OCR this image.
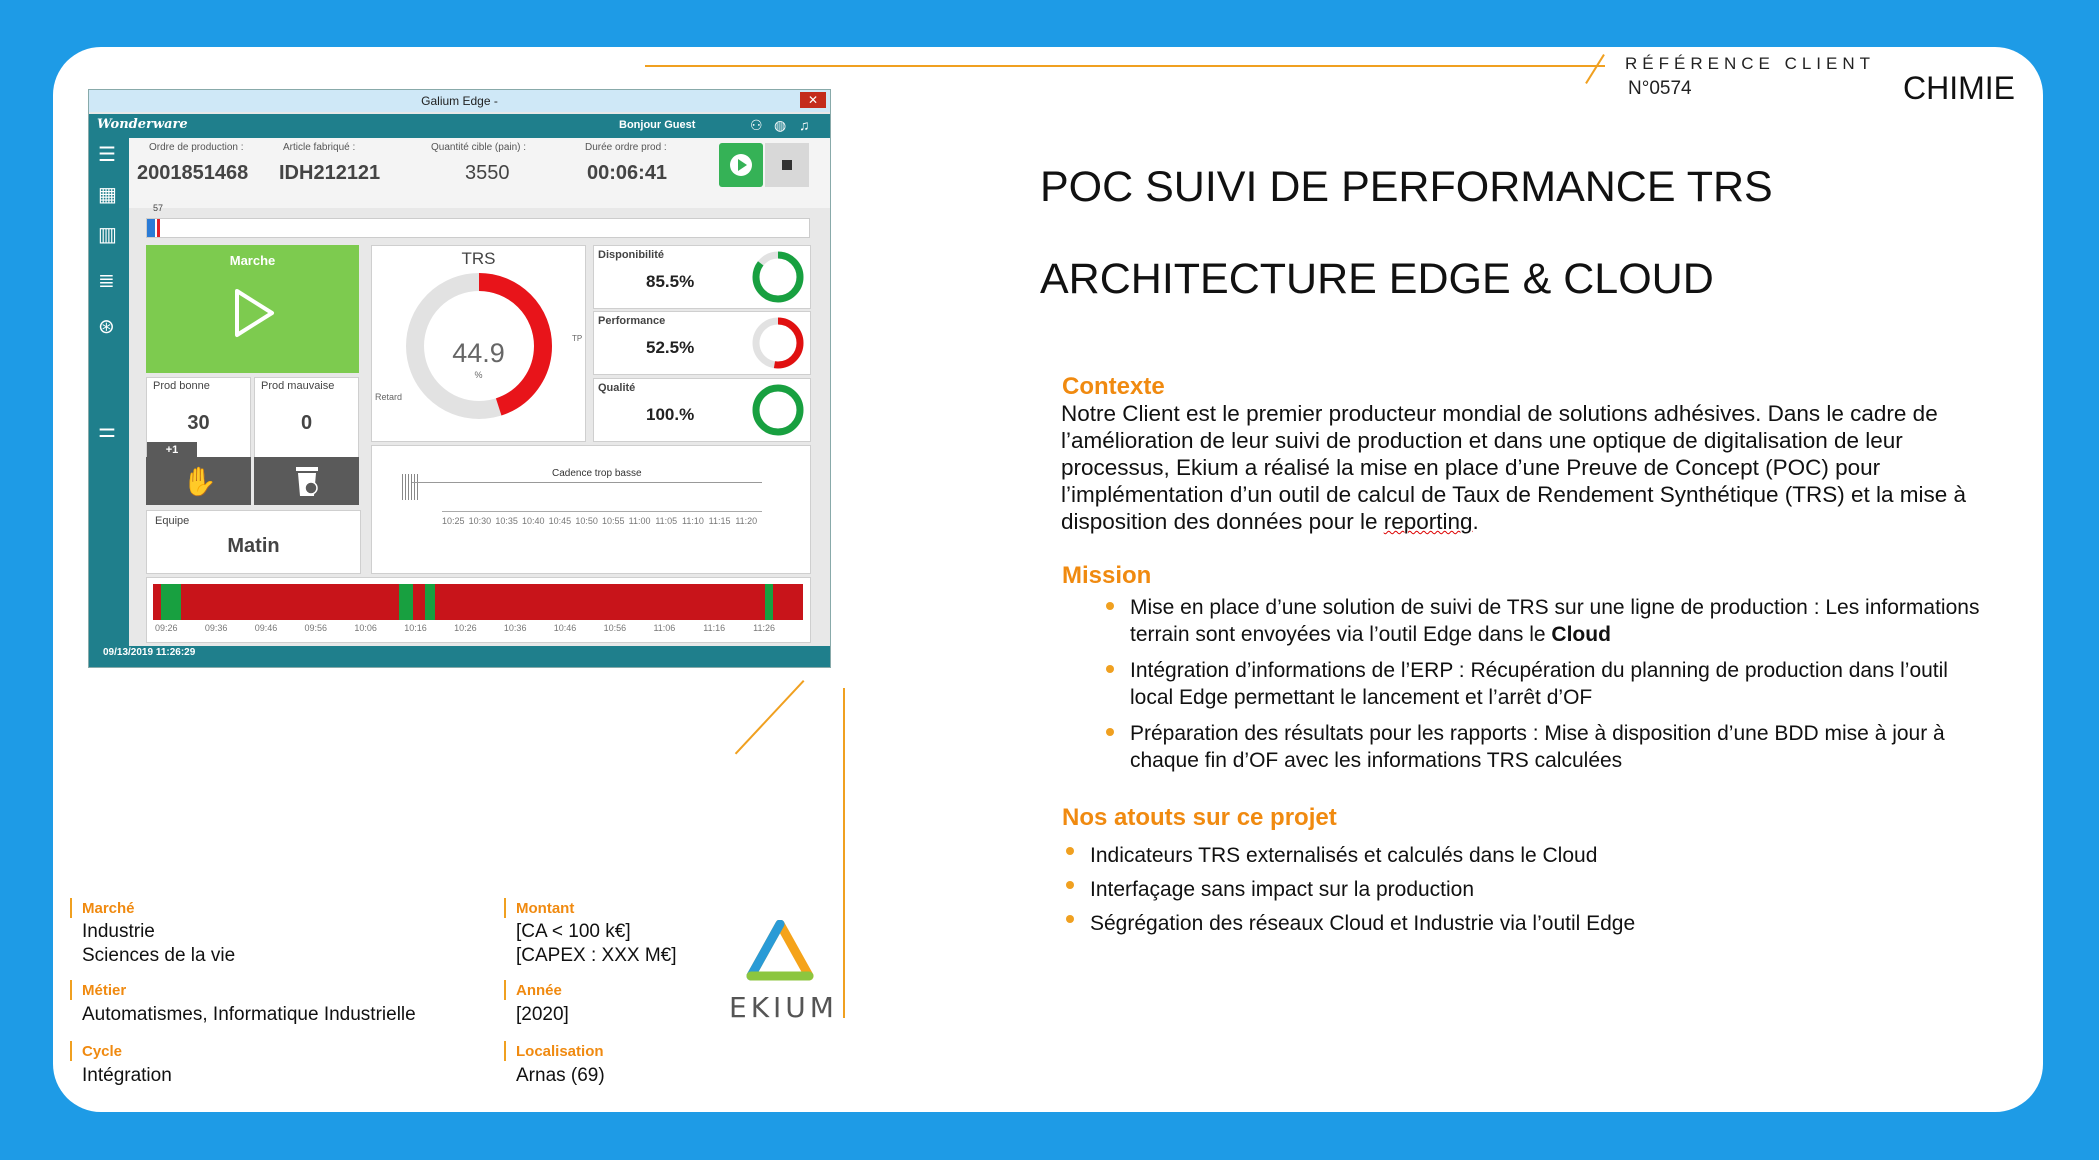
RÉFÉRENCE CLIENT
N°0574	CHIMIE
POC SUIVI DE PERFORMANCE TRS
ARCHITECTURE EDGE & CLOUD
Contexte
Notre Client est le premier producteur mondial de solutions adhésives. Dans le cadre de l’amélioration de leur suivi de production et dans une optique de digitalisation de leur processus, Ekium a réalisé la mise en place d’une Preuve de Concept (POC) pour l’implémentation d’un outil de calcul de Taux de Rendement Synthétique (TRS) et la mise à disposition des données pour le reporting.
Mission
Mise en place d’une solution de suivi de TRS sur une ligne de production : Les informations terrain sont envoyées via l’outil Edge dans le Cloud
Intégration d’informations de l’ERP : Récupération du planning de production dans l’outil local Edge permettant le lancement et l’arrêt d’OF
Préparation des résultats pour les rapports : Mise à disposition d’une BDD mise à jour à chaque fin d’OF avec les informations TRS calculées
Nos atouts sur ce projet
Indicateurs TRS externalisés et calculés dans le Cloud
Interfaçage sans impact sur la production
Ségrégation des réseaux Cloud et Industrie via l’outil Edge
Marché
Industrie
Sciences de la vie
Métier
Automatismes, Informatique Industrielle
Cycle
Intégration
Montant
[CA < 100 k€]
[CAPEX : XXX M€]
Année
[2020]
Localisation
Arnas (69)
EKIUM
Galium Edge -	✕
Wonderware	Bonjour Guest	⚇ ◍ ♫
☰
▦
▥
≣
⊛
⚌
Ordre de production :
2001851468
Article fabriqué :
IDH212121
Quantité cible (pain) :
3550
Durée ordre prod :
00:06:41
57
Marche	TRS
44.9
%
Retard
TP
Disponibilité
85.5%
Performance
52.5%
Qualité
100.%
Prod bonne
30
+1
✋
Prod mauvaise
0
Equipe
Matin
Cadence trop basse
10:25 10:30 10:35 10:40 10:45 10:50 10:55 11:00 11:05 11:10 11:15 11:20
09:26	09:36	09:46	09:56	10:06	10:16	10:26	10:36	10:46	10:56	11:06	11:16	11:26
09/13/2019 11:26:29
